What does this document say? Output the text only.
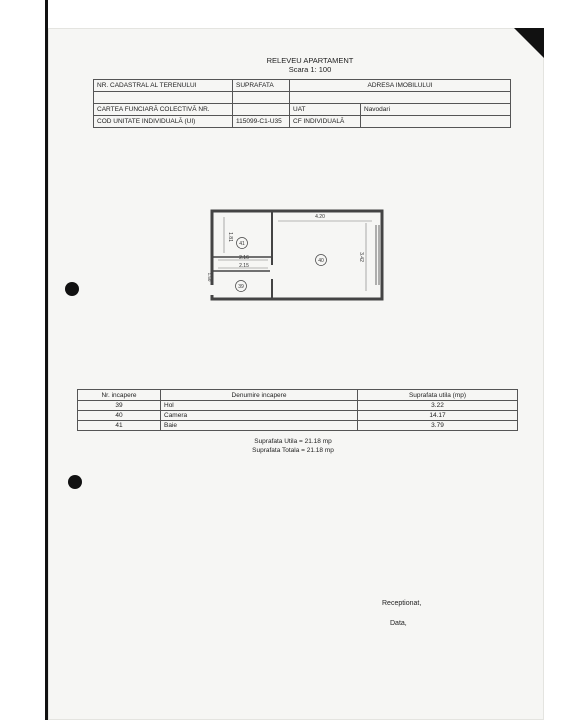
RELEVEU APARTAMENT
Scara 1: 100
NR. CADASTRAL AL TERENULUI	SUPRAFATA	ADRESA IMOBILULUI	

CARTEA FUNCIARĂ COLECTIVĂ NR.		UAT	Navodari
COD UNITATE INDIVIDUALĂ (UI)	115099-C1-U35	CF INDIVIDUALĂ	
4.20
3.42
1.81
1.50
2.16
2.15
41
40
39
Nr. incapere	Denumire incapere	Suprafata utila (mp)
39	Hol	3.22
40	Camera	14.17
41	Baie	3.79
Suprafata Utila = 21.18 mp
Suprafata Totala = 21.18 mp
Receptionat,
Data,
